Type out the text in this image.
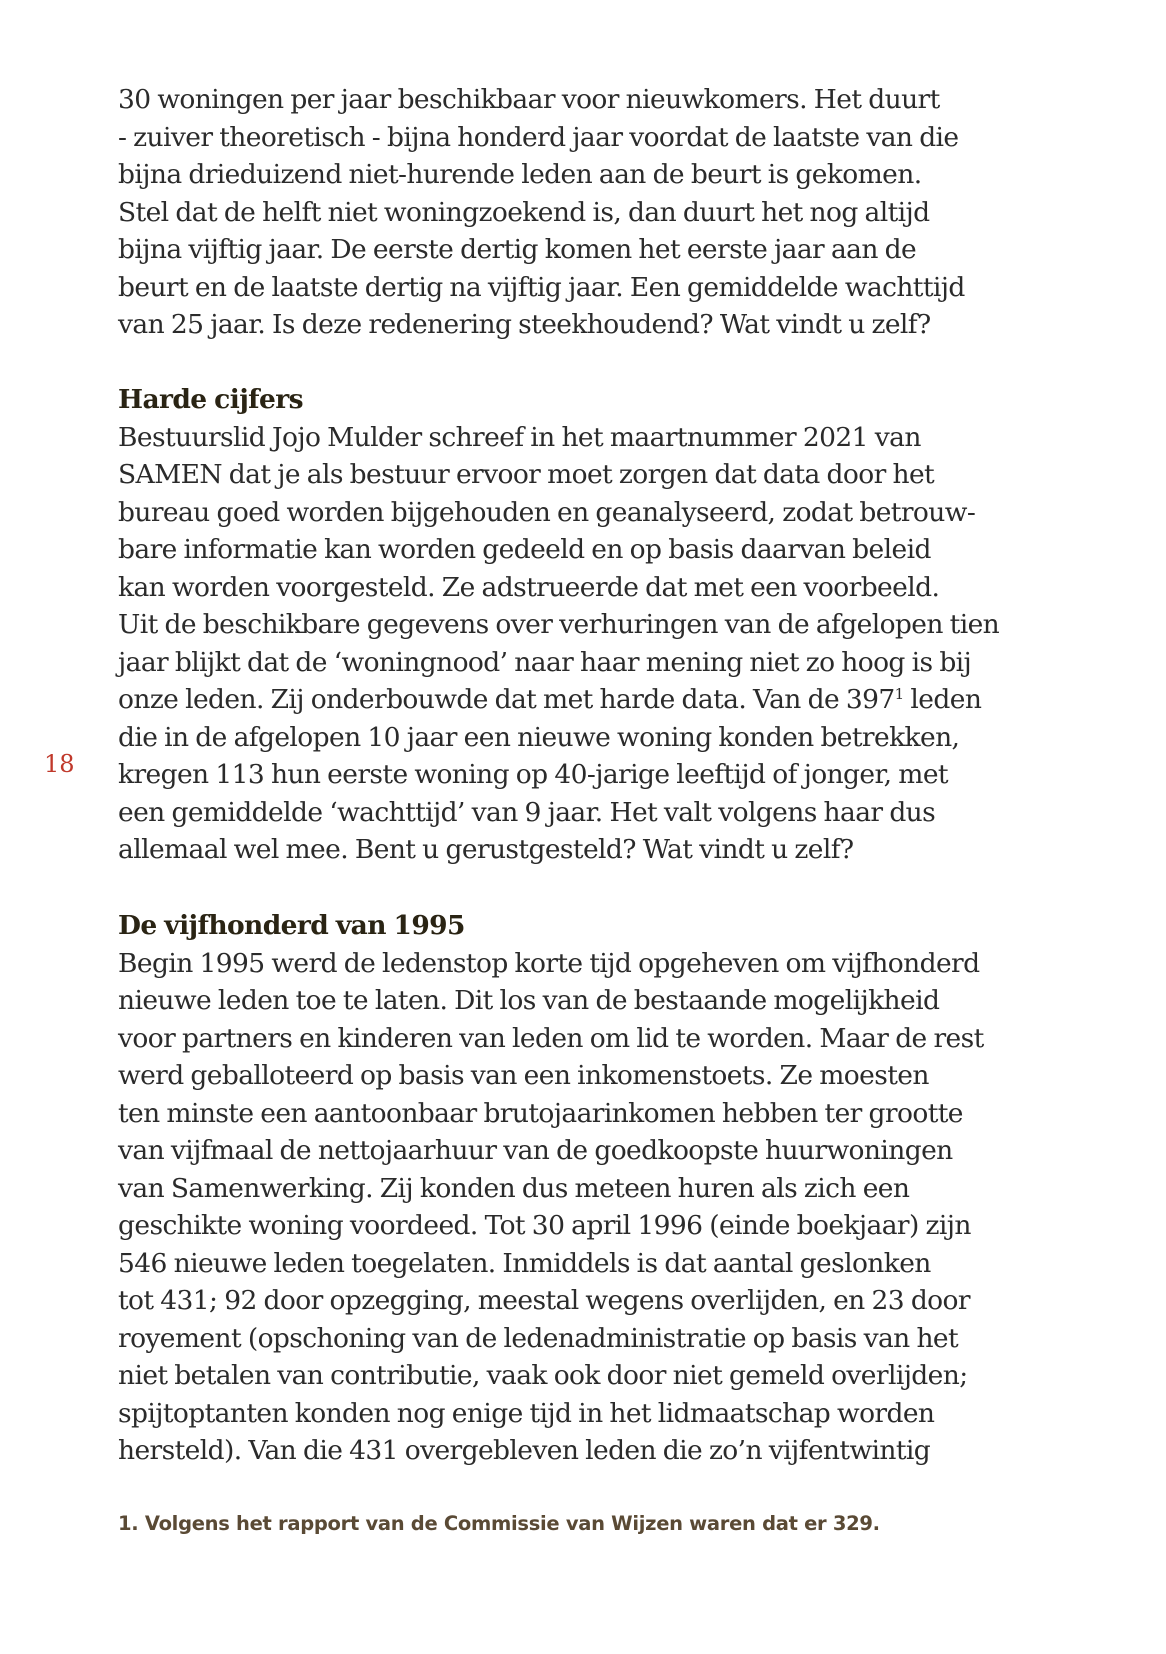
18
30 woningen per jaar beschikbaar voor nieuwkomers. Het duurt
- zuiver theoretisch - bijna honderd jaar voordat de laatste van die
bijna drieduizend niet-hurende leden aan de beurt is gekomen.
Stel dat de helft niet woningzoekend is, dan duurt het nog altijd
bijna vijftig jaar. De eerste dertig komen het eerste jaar aan de
beurt en de laatste dertig na vijftig jaar. Een gemiddelde wachttijd
van 25 jaar. Is deze redenering steekhoudend? Wat vindt u zelf?
Harde cijfers
Bestuurslid Jojo Mulder schreef in het maartnummer 2021 van
SAMEN dat je als bestuur ervoor moet zorgen dat data door het
bureau goed worden bijgehouden en geanalyseerd, zodat betrouw-
bare informatie kan worden gedeeld en op basis daarvan beleid
kan worden voorgesteld. Ze adstrueerde dat met een voorbeeld.
Uit de beschikbare gegevens over verhuringen van de afgelopen tien
jaar blijkt dat de ‘woningnood’ naar haar mening niet zo hoog is bij
onze leden. Zij onderbouwde dat met harde data. Van de 397$^1$ leden
die in de afgelopen 10 jaar een nieuwe woning konden betrekken,
kregen 113 hun eerste woning op 40-jarige leeftijd of jonger, met
een gemiddelde ‘wachttijd’ van 9 jaar. Het valt volgens haar dus
allemaal wel mee. Bent u gerustgesteld? Wat vindt u zelf?
De vijfhonderd van 1995
Begin 1995 werd de ledenstop korte tijd opgeheven om vijfhonderd
nieuwe leden toe te laten. Dit los van de bestaande mogelijkheid
voor partners en kinderen van leden om lid te worden. Maar de rest
werd geballoteerd op basis van een inkomenstoets. Ze moesten
ten minste een aantoonbaar brutojaarinkomen hebben ter grootte
van vijfmaal de nettojaarhuur van de goedkoopste huurwoningen
van Samenwerking. Zij konden dus meteen huren als zich een
geschikte woning voordeed. Tot 30 april 1996 (einde boekjaar) zijn
546 nieuwe leden toegelaten. Inmiddels is dat aantal geslonken
tot 431; 92 door opzegging, meestal wegens overlijden, en 23 door
royement (opschoning van de ledenadministratie op basis van het
niet betalen van contributie, vaak ook door niet gemeld overlijden;
spijtoptanten konden nog enige tijd in het lidmaatschap worden
hersteld). Van die 431 overgebleven leden die zo’n vijfentwintig
1. Volgens het rapport van de Commissie van Wijzen waren dat er 329.
